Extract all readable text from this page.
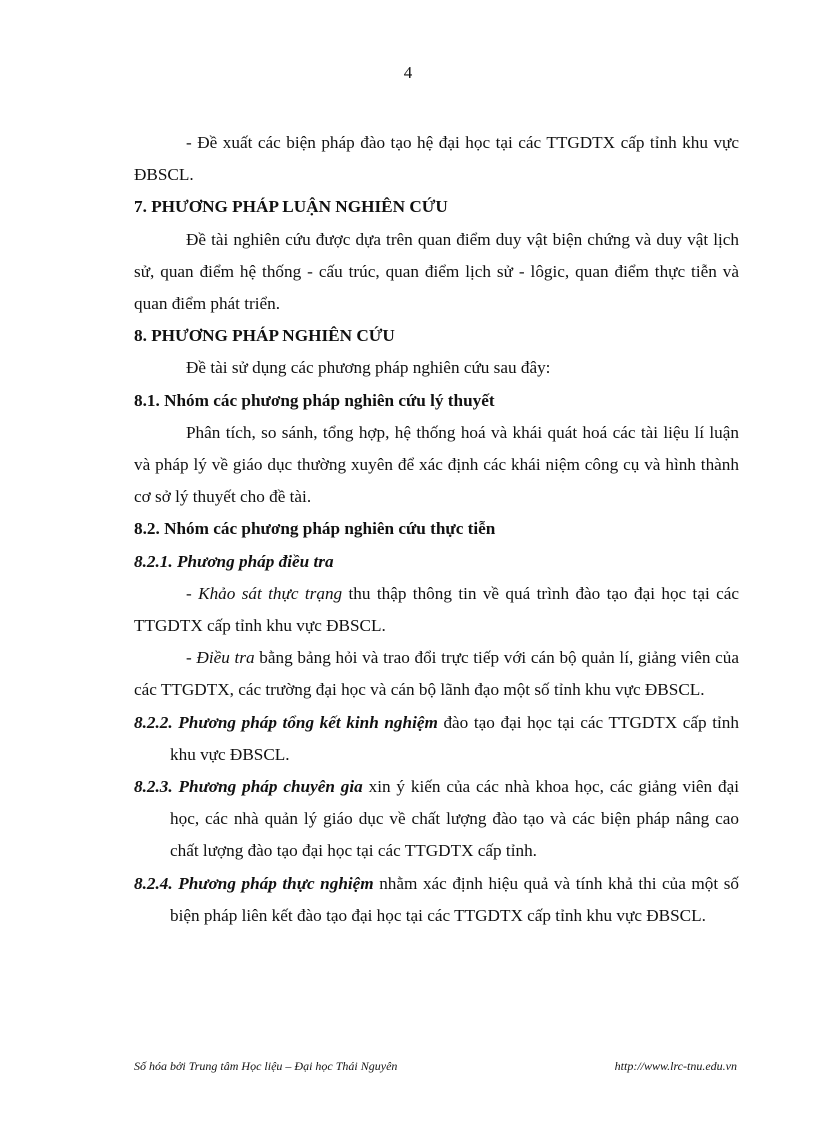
4

- Đề xuất các biện pháp đào tạo hệ đại học tại các TTGDTX cấp tỉnh khu vực ĐBSCL.

7. PHƯƠNG PHÁP LUẬN NGHIÊN CỨU

Đề tài nghiên cứu được dựa trên quan điểm duy vật biện chứng và duy vật lịch sử, quan điểm hệ thống - cấu trúc, quan điểm lịch sử - lôgic, quan điểm thực tiễn và quan điểm phát triển.

8. PHƯƠNG PHÁP NGHIÊN CỨU

Đề tài sử dụng các phương pháp nghiên cứu sau đây:

8.1. Nhóm các phương pháp nghiên cứu lý thuyết

Phân tích, so sánh, tổng hợp, hệ thống hoá và khái quát hoá các tài liệu lí luận và pháp lý về giáo dục thường xuyên để xác định các khái niệm công cụ và hình thành cơ sở lý thuyết cho đề tài.

8.2. Nhóm các phương pháp nghiên cứu thực tiễn

8.2.1. Phương pháp điều tra

- Khảo sát thực trạng thu thập thông tin về quá trình đào tạo đại học tại các TTGDTX cấp tỉnh khu vực ĐBSCL.

- Điều tra bằng bảng hỏi và trao đổi trực tiếp với cán bộ quản lí, giảng viên của các TTGDTX, các trường đại học và cán bộ lãnh đạo một số tỉnh khu vực ĐBSCL.

8.2.2. Phương pháp tổng kết kinh nghiệm đào tạo đại học tại các TTGDTX cấp tỉnh khu vực ĐBSCL.

8.2.3. Phương pháp chuyên gia xin ý kiến của các nhà khoa học, các giảng viên đại học, các nhà quản lý giáo dục về chất lượng đào tạo và các biện pháp nâng cao chất lượng đào tạo đại học tại các TTGDTX cấp tỉnh.

8.2.4. Phương pháp thực nghiệm nhằm xác định hiệu quả và tính khả thi của một số biện pháp liên kết đào tạo đại học tại các TTGDTX cấp tỉnh khu vực ĐBSCL.

Số hóa bởi Trung tâm Học liệu – Đại học Thái Nguyên	http://www.lrc-tnu.edu.vn
